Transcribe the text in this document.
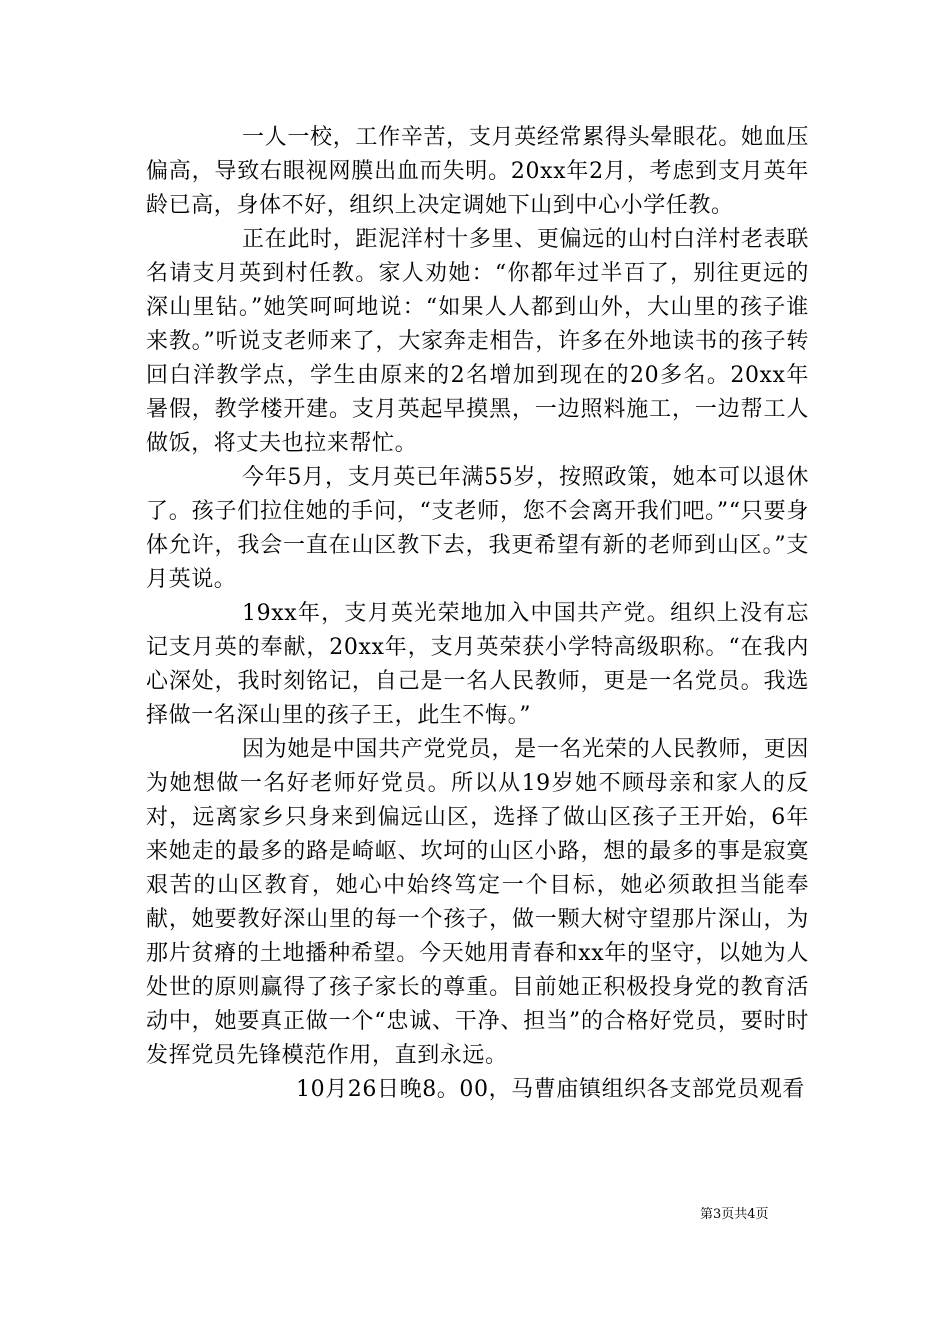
一人一校，工作辛苦，支月英经常累得头晕眼花。她血压偏高，导致右眼视网膜出血而失明。20xx年2月，考虑到支月英年龄已高，身体不好，组织上决定调她下山到中心小学任教。

正在此时，距泥洋村十多里、更偏远的山村白洋村老表联名请支月英到村任教。家人劝她：“你都年过半百了，别往更远的深山里钻。”她笑呵呵地说：“如果人人都到山外，大山里的孩子谁来教。”听说支老师来了，大家奔走相告，许多在外地读书的孩子转回白洋教学点，学生由原来的2名增加到现在的20多名。20xx年暑假，教学楼开建。支月英起早摸黑，一边照料施工，一边帮工人做饭，将丈夫也拉来帮忙。

今年5月，支月英已年满55岁，按照政策，她本可以退休了。孩子们拉住她的手问，“支老师，您不会离开我们吧。”“只要身体允许，我会一直在山区教下去，我更希望有新的老师到山区。”支月英说。

19xx年，支月英光荣地加入中国共产党。组织上没有忘记支月英的奉献，20xx年，支月英荣获小学特高级职称。“在我内心深处，我时刻铭记，自己是一名人民教师，更是一名党员。我选择做一名深山里的孩子王，此生不悔。”

因为她是中国共产党党员，是一名光荣的人民教师，更因为她想做一名好老师好党员。所以从19岁她不顾母亲和家人的反对，远离家乡只身来到偏远山区，选择了做山区孩子王开始，6年来她走的最多的路是崎岖、坎坷的山区小路，想的最多的事是寂寞艰苦的山区教育，她心中始终笃定一个目标，她必须敢担当能奉献，她要教好深山里的每一个孩子，做一颗大树守望那片深山，为那片贫瘠的土地播种希望。今天她用青春和xx年的坚守，以她为人处世的原则赢得了孩子家长的尊重。目前她正积极投身党的教育活动中，她要真正做一个“忠诚、干净、担当”的合格好党员，要时时发挥党员先锋模范作用，直到永远。

10月26日晚8。00，马曹庙镇组织各支部党员观看

第3页共4页
